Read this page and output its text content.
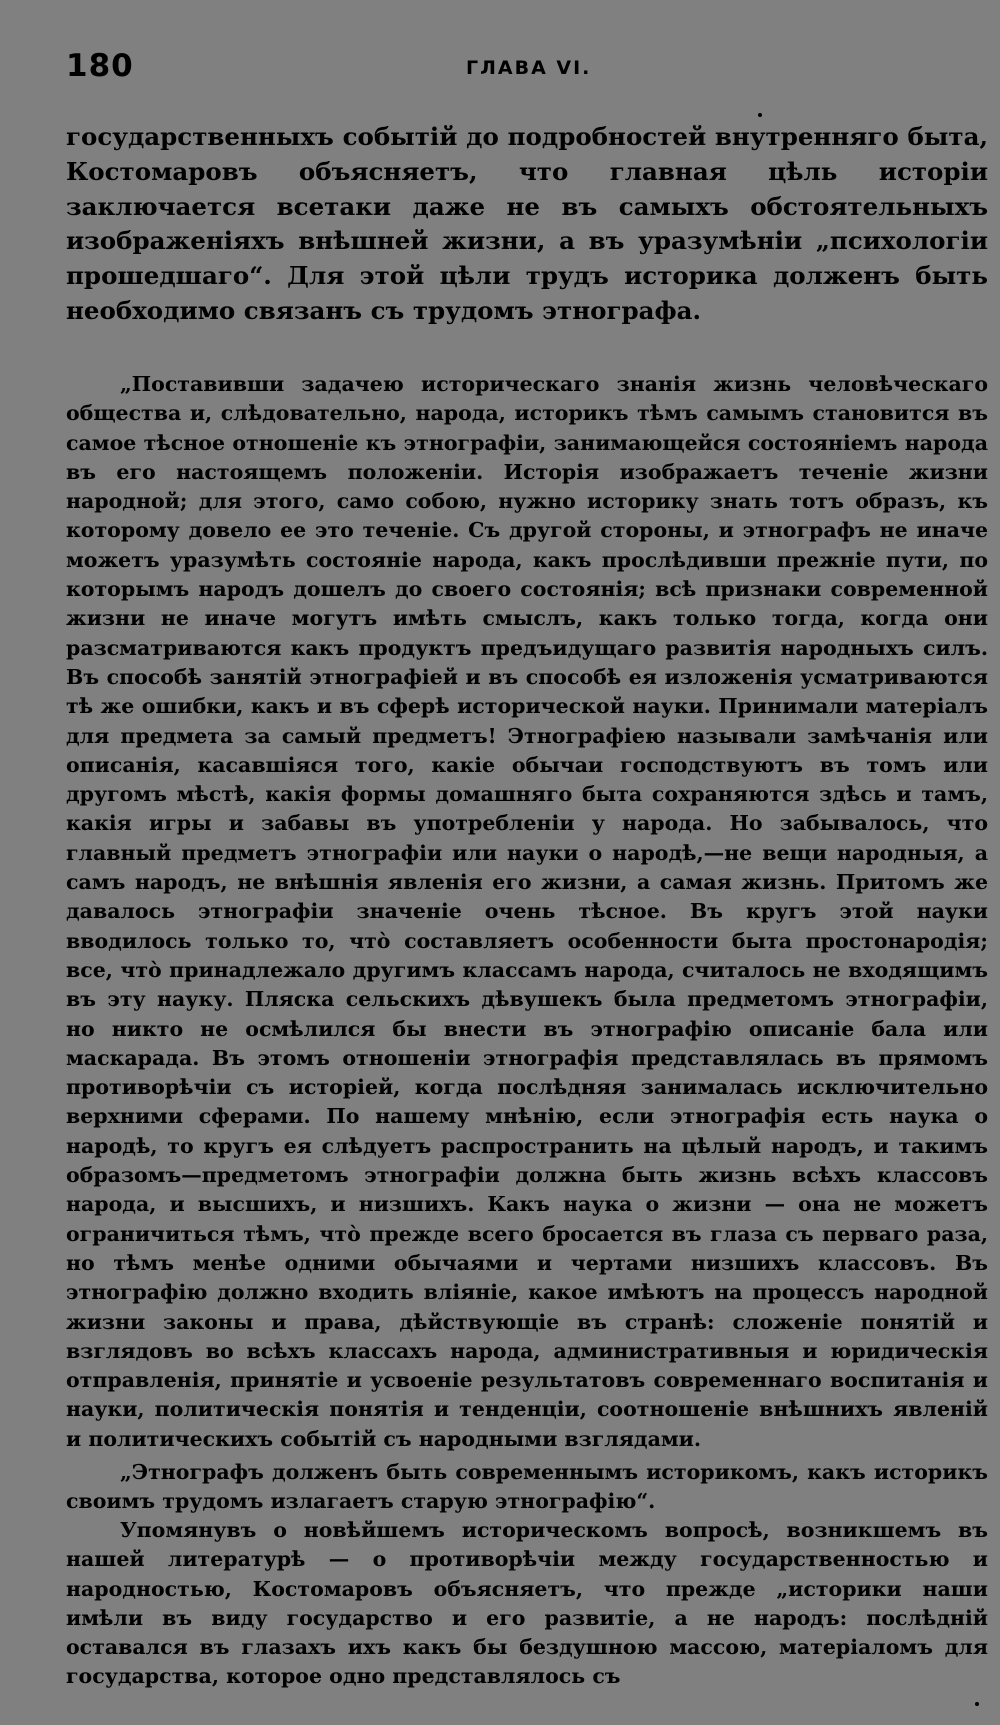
180	ГЛАВА VI.

государственныхъ событій до подробностей внутренняго быта, Костомаровъ объясняетъ, что главная цѣль исторіи заключается всетаки даже не въ самыхъ обстоятельныхъ изображеніяхъ внѣшней жизни, а въ уразумѣніи „психологіи прошедшаго“. Для этой цѣли трудъ историка долженъ быть необходимо связанъ съ трудомъ этнографа.

„Поставивши задачею историческаго знанія жизнь человѣческаго общества и, слѣдовательно, народа, историкъ тѣмъ самымъ становится въ самое тѣсное отношеніе къ этнографіи, занимающейся состояніемъ народа въ его настоящемъ положеніи. Исторія изображаетъ теченіе жизни народной; для этого, само собою, нужно историку знать тотъ образъ, къ которому довело ее это теченіе. Съ другой стороны, и этнографъ не иначе можетъ уразумѣть состояніе народа, какъ прослѣдивши прежніе пути, по которымъ народъ дошелъ до своего состоянія; всѣ признаки современной жизни не иначе могутъ имѣть смыслъ, какъ только тогда, когда они разсматриваются какъ продуктъ предъидущаго развитія народныхъ силъ. Въ способѣ занятій этнографіей и въ способѣ ея изложенія усматриваются тѣ же ошибки, какъ и въ сферѣ исторической науки. Принимали матеріалъ для предмета за самый предметъ! Этнографіею называли замѣчанія или описанія, касавшіяся того, какіе обычаи господствуютъ въ томъ или другомъ мѣстѣ, какія формы домашняго быта сохраняются здѣсь и тамъ, какія игры и забавы въ употребленіи у народа. Но забывалось, что главный предметъ этнографіи или науки о народѣ,—не вещи народныя, а самъ народъ, не внѣшнія явленія его жизни, а самая жизнь. Притомъ же давалось этнографіи значеніе очень тѣсное. Въ кругъ этой науки вводилось только то, что̀ составляетъ особенности быта простонародія; все, что̀ принадлежало другимъ классамъ народа, считалось не входящимъ въ эту науку. Пляска сельскихъ дѣвушекъ была предметомъ этнографіи, но никто не осмѣлился бы внести въ этнографію описаніе бала или маскарада. Въ этомъ отношеніи этнографія представлялась въ прямомъ противорѣчіи съ исторіей, когда послѣдняя занималась исключительно верхними сферами. По нашему мнѣнію, если этнографія есть наука о народѣ, то кругъ ея слѣдуетъ распространить на цѣлый народъ, и такимъ образомъ—предметомъ этнографіи должна быть жизнь всѣхъ классовъ народа, и высшихъ, и низшихъ. Какъ наука о жизни — она не можетъ ограничиться тѣмъ, что̀ прежде всего бросается въ глаза съ перваго раза, но тѣмъ менѣе одними обычаями и чертами низшихъ классовъ. Въ этнографію должно входить вліяніе, какое имѣютъ на процессъ народной жизни законы и права, дѣйствующіе въ странѣ: сложеніе понятій и взглядовъ во всѣхъ классахъ народа, административныя и юридическія отправленія, принятіе и усвоеніе результатовъ современнаго воспитанія и науки, политическія понятія и тенденціи, соотношеніе внѣшнихъ явленій и политическихъ событій съ народными взглядами.

„Этнографъ долженъ быть современнымъ историкомъ, какъ историкъ своимъ трудомъ излагаетъ старую этнографію“.

Упомянувъ о новѣйшемъ историческомъ вопросѣ, возникшемъ въ нашей литературѣ — о противорѣчіи между государственностью и народностью, Костомаровъ объясняетъ, что прежде „историки наши имѣли въ виду государство и его развитіе, а не народъ: послѣдній оставался въ глазахъ ихъ какъ бы бездушною массою, матеріаломъ для государства, которое одно представлялось съ
